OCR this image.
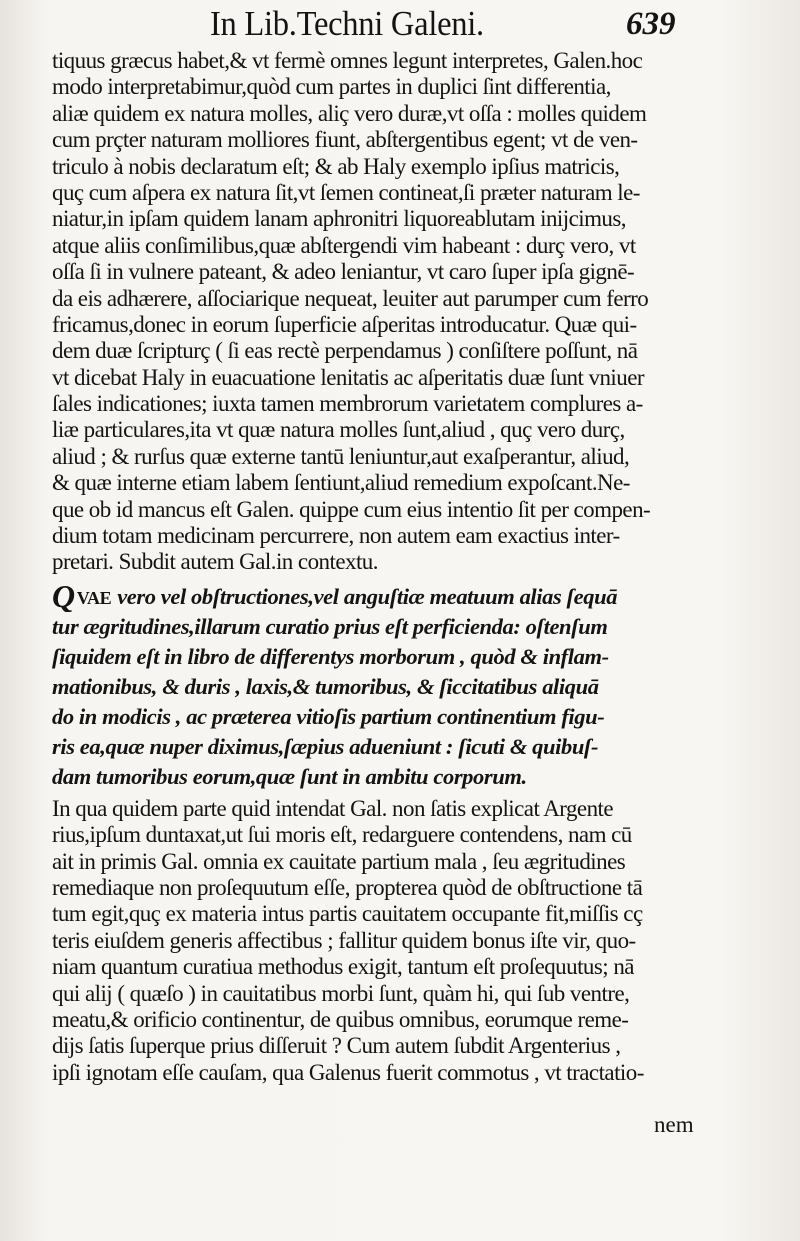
In Lib.Techni Galeni.	639
tiquus græcus habet,& vt fermè omnes legunt interpretes, Galen.hoc
modo interpretabimur,quòd cum partes in duplici ſint differentia,
aliæ quidem ex natura molles, aliç vero duræ,vt oſſa : molles quidem
cum prçter naturam molliores fiunt, abſtergentibus egent; vt de ven-
triculo à nobis declaratum eſt; & ab Haly exemplo ipſius matricis,
quç cum aſpera ex natura ſit,vt ſemen contineat,ſi præter naturam le-
niatur,in ipſam quidem lanam aphronitri liquoreablutam inijcimus,
atque aliis conſimilibus,quæ abſtergendi vim habeant : durç vero, vt
oſſa ſi in vulnere pateant, & adeo leniantur, vt caro ſuper ipſa gignē-
da eis adhærere, aſſociarique nequeat, leuiter aut parumper cum ferro
fricamus,donec in eorum ſuperficie aſperitas introducatur. Quæ qui-
dem duæ ſcripturç ( ſi eas rectè perpendamus ) conſiſtere poſſunt, nā
vt dicebat Haly in euacuatione lenitatis ac aſperitatis duæ ſunt vniuer
ſales indicationes; iuxta tamen membrorum varietatem complures a-
liæ particulares,ita vt quæ natura molles ſunt,aliud , quç vero durç,
aliud ; & rurſus quæ externe tantū leniuntur,aut exaſperantur, aliud,
& quæ interne etiam labem ſentiunt,aliud remedium expoſcant.Ne-
que ob id mancus eſt Galen. quippe cum eius intentio ſit per compen-
dium totam medicinam percurrere, non autem eam exactius inter-
pretari. Subdit autem Gal.in contextu.
QVAE vero vel obſtructiones,vel anguſtiæ meatuum alias ſequā
tur ægritudines,illarum curatio prius eſt perficienda: oſtenſum
ſiquidem eſt in libro de differentys morborum , quòd & inflam-
mationibus, & duris , laxis,& tumoribus, & ſiccitatibus aliquā
do in modicis , ac præterea vitioſis partium continentium figu-
ris ea,quæ nuper diximus,ſæpius adueniunt : ſicuti & quibuſ-
dam tumoribus eorum,quæ ſunt in ambitu corporum.
In qua quidem parte quid intendat Gal. non ſatis explicat Argente
rius,ipſum duntaxat,ut ſui moris eſt, redarguere contendens, nam cū
ait in primis Gal. omnia ex cauitate partium mala , ſeu ægritudines
remediaque non proſequutum eſſe, propterea quòd de obſtructione tā
tum egit,quç ex materia intus partis cauitatem occupante fit,miſſis cç
teris eiuſdem generis affectibus ; fallitur quidem bonus iſte vir, quo-
niam quantum curatiua methodus exigit, tantum eſt proſequutus; nā
qui alij ( quæſo ) in cauitatibus morbi ſunt, quàm hi, qui ſub ventre,
meatu,& orificio continentur, de quibus omnibus, eorumque reme-
dijs ſatis ſuperque prius diſſeruit ? Cum autem ſubdit Argenterius ,
ipſi ignotam eſſe cauſam, qua Galenus fuerit commotus , vt tractatio-
nem
